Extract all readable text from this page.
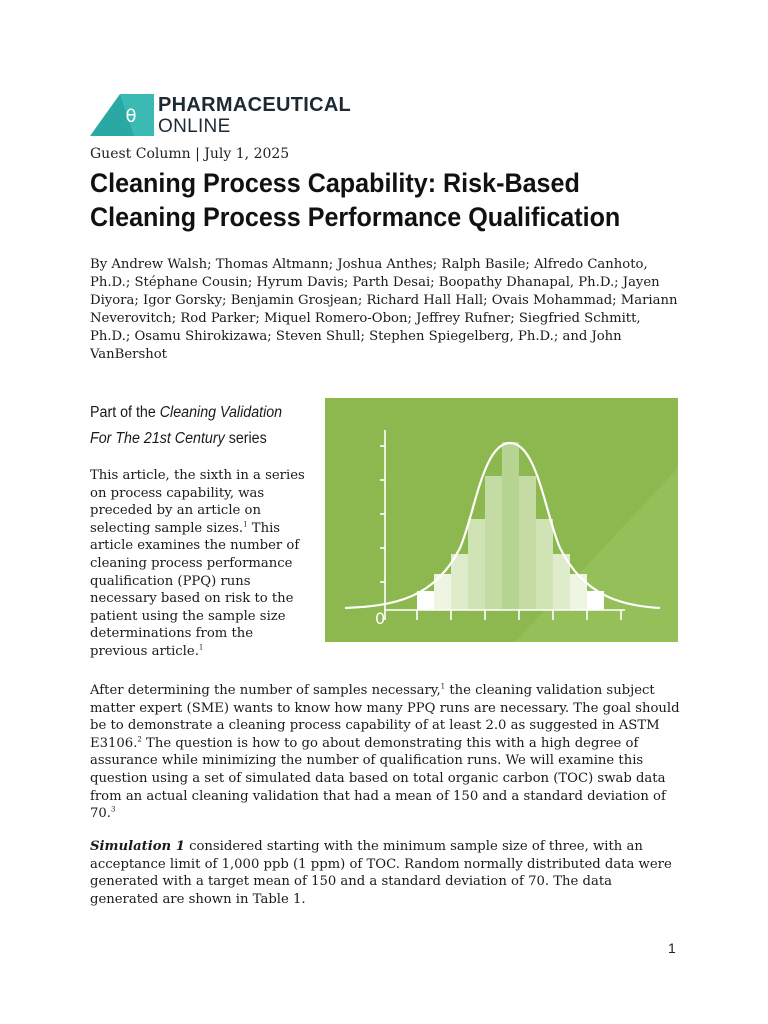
θ
PHARMACEUTICAL
ONLINE
Guest Column | July 1, 2025
Cleaning Process Capability: Risk-Based Cleaning Process Performance Qualification
By Andrew Walsh; Thomas Altmann; Joshua Anthes; Ralph Basile; Alfredo Canhoto, Ph.D.; Stéphane Cousin; Hyrum Davis; Parth Desai; Boopathy Dhanapal, Ph.D.; Jayen Diyora; Igor Gorsky; Benjamin Grosjean; Richard Hall Hall; Ovais Mohammad; Mariann Neverovitch; Rod Parker; Miquel Romero-Obon; Jeffrey Rufner; Siegfried Schmitt, Ph.D.; Osamu Shirokizawa; Steven Shull; Stephen Spiegelberg, Ph.D.; and John VanBershot
Part of the Cleaning Validation For The 21st Century series
This article, the sixth in a series on process capability, was preceded by an article on selecting sample sizes.$^1$ This article examines the number of cleaning process performance qualification (PPQ) runs necessary based on risk to the patient using the sample size determinations from the previous article.$^1$
0
After determining the number of samples necessary,$^1$ the cleaning validation subject matter expert (SME) wants to know how many PPQ runs are necessary. The goal should be to demonstrate a cleaning process capability of at least 2.0 as suggested in ASTM E3106.$^2$ The question is how to go about demonstrating this with a high degree of assurance while minimizing the number of qualification runs. We will examine this question using a set of simulated data based on total organic carbon (TOC) swab data from an actual cleaning validation that had a mean of 150 and a standard deviation of 70.$^3$
Simulation 1 considered starting with the minimum sample size of three, with an acceptance limit of 1,000 ppb (1 ppm) of TOC. Random normally distributed data were generated with a target mean of 150 and a standard deviation of 70. The data generated are shown in Table 1.
1
